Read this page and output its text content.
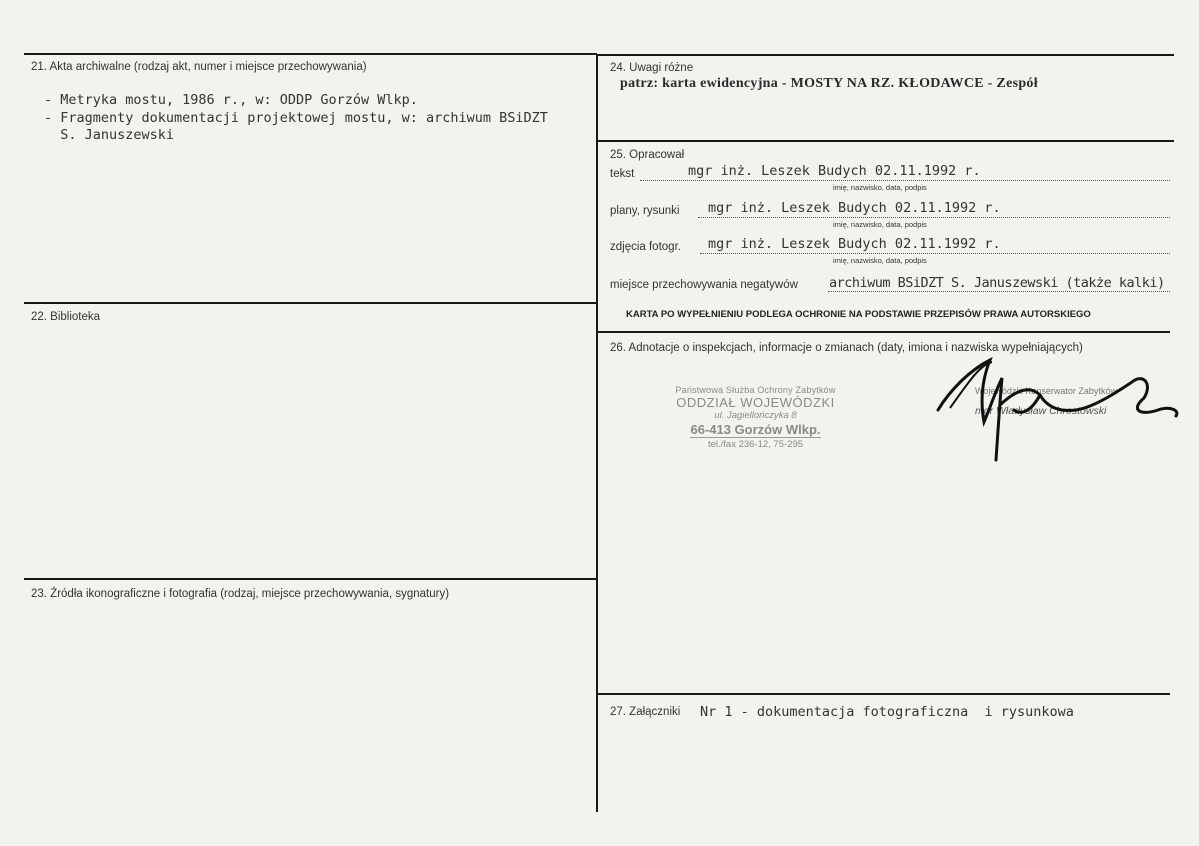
21. Akta archiwalne (rodzaj akt, numer i miejsce przechowywania)
- Metryka mostu, 1986 r., w: ODDP Gorzów Wlkp.
- Fragmenty dokumentacji projektowej mostu, w: archiwum BSiDZT
S. Januszewski
22. Biblioteka
23. Źródła ikonograficzne i fotografia (rodzaj, miejsce przechowywania, sygnatury)
24. Uwagi różne
patrz: karta ewidencyjna - MOSTY NA RZ. KŁODAWCE - Zespół
25. Opracował
tekst	mgr inż. Leszek Budych 02.11.1992 r.
imię, nazwisko, data, podpis
plany, rysunki mgr inż. Leszek Budych 02.11.1992 r.
imię, nazwisko, data, podpis
zdjęcia fotogr. mgr inż. Leszek Budych 02.11.1992 r.
imię, nazwisko, data, podpis
miejsce przechowywania negatywów archiwum BSiDZT S. Januszewski (także kalki)
KARTA PO WYPEŁNIENIU PODLEGA OCHRONIE NA PODSTAWIE PRZEPISÓW PRAWA AUTORSKIEGO
26. Adnotacje o inspekcjach, informacje o zmianach (daty, imiona i nazwiska wypełniających)
Państwowa Służba Ochrony Zabytków
ODDZIAŁ WOJEWÓDZKI
ul. Jagiellończyka 8
66-413 Gorzów Wlkp.
tel./fax 236-12, 75-295
Wojewódzki Konserwator Zabytków
mgr Władysław Chrostowski
27. Załączniki Nr 1 - dokumentacja fotograficzna  i rysunkowa
